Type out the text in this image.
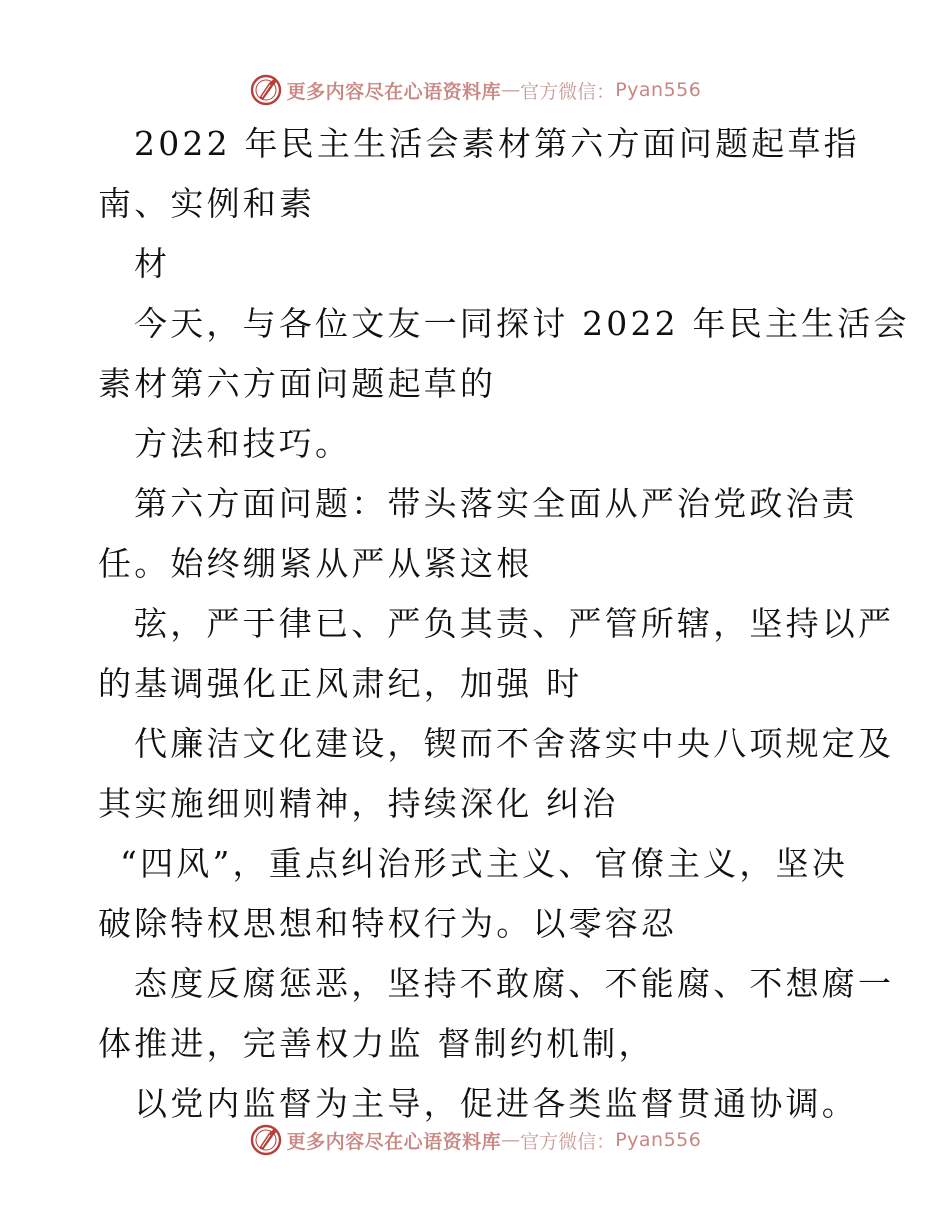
更多内容尽在心语资料库 — 官方微信： Pyan556
2022 年民主生活会素材第六方面问题起草指
南、实例和素
材
今天，与各位文友一同探讨 2022 年民主生活会
素材第六方面问题起草的
方法和技巧。
第六方面问题：带头落实全面从严治党政治责
任。始终绷紧从严从紧这根
弦，严于律已、严负其责、严管所辖，坚持以严
的基调强化正风肃纪，加强 时
代廉洁文化建设，锲而不舍落实中央八项规定及
其实施细则精神，持续深化 纠治
“四风”，重点纠治形式主义、官僚主义，坚决
破除特权思想和特权行为。以零容忍
态度反腐惩恶，坚持不敢腐、不能腐、不想腐一
体推进，完善权力监 督制约机制，
以党内监督为主导，促进各类监督贯通协调。
更多内容尽在心语资料库 — 官方微信： Pyan556
